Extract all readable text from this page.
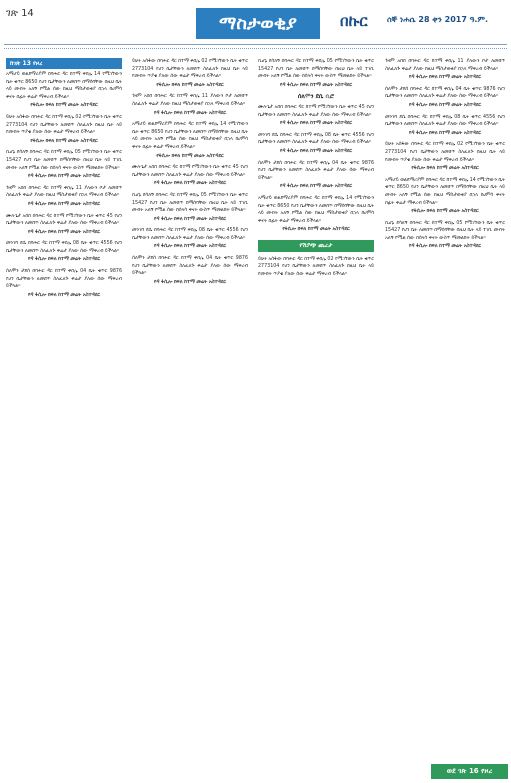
ገጽ 14	ማስታወቂያ	በኩር ሰኞ ነሐሴ 28 ቀን 2017 ዓ.ም.
ከገጽ 13 የዞረ

አማሆይ ወልደማሪያም በባሕር ዳር ከተማ ቀበሌ 14 የሚገኘውን ቤት ቁጥር 8650 የሆነ ቤታቸውን ለመሸጥ በማሰባቸው በዚህ ቤት ላይ መብት አለኝ የሚል ሰው ከዚህ ማስታወቂያ በኋላ ከሀምሳ ቀናት በፊት ቅሬታ ማቅረብ ይችላል።

የፋሲሎ ክፍለ ከተማ መሬት አስተዳደር

ይሁኑ አሰፋው በባሕር ዳር ከተማ ቀበሌ 02 የሚገኘውን ቤት ቁጥር 2773104 የሆነ ቤታቸውን ለመሸጥ ስለፈለጉ በዚህ ቤት ላይ የመብት ጥያቄ ያለው ሰው ቅሬታ ማቅረብ ይችላል።

የፋሲሎ ክፍለ ከተማ መሬት አስተዳደር

ቢሆኔ ደሳለኝ በባሕር ዳር ከተማ ቀበሌ 05 የሚገኘውን ቤት ቁጥር 15427 የሆነ ቤት ለመሸጥ በማሰባቸው በዚህ ቤት ላይ ተገቢ መብት አለኝ የሚል ሰው በሰላሳ ቀናት ውስጥ ማመልከት ይችላል።

የዳ ፋሲሎ ክፍለ ከተማ መሬት አስተዳደር

ጎዛም አበበ በባሕር ዳር ከተማ ቀበሌ 11 ያለውን ቦታ ለመሸጥ ስለፈለጉ ቅሬታ ያለው ከዚህ ማስታወቂያ በኋላ ማቅረብ ይችላል።

የዳ ፋሲሎ ክፍለ ከተማ መሬት አስተዳደር

ሙሉጌታ አበበ በባሕር ዳር ከተማ የሚገኘውን ቤት ቁጥር 45 የሆነ ቤታቸውን ለመሸጥ ስለፈለጉ ቅሬታ ያለው ሰው ማቅረብ ይችላል።

የዳ ፋሲሎ ክፍለ ከተማ መሬት አስተዳደር

መንገሻ ደሴ በባሕር ዳር ከተማ ቀበሌ 08 ቤት ቁጥር 4556 የሆነ ቤታቸውን ለመሸጥ ስለፈለጉ ቅሬታ ያለው ሰው ማቅረብ ይችላል።

የዳ ፋሲሎ ክፍለ ከተማ መሬት አስተዳደር

ሰለሞን ታደሰ በባሕር ዳር ከተማ ቀበሌ 04 ቤት ቁጥር 9876 የሆነ ቤታቸውን ለመሸጥ ስለፈለጉ ቅሬታ ያለው ሰው ማቅረብ ይችላል።

የዳ ፋሲሎ ክፍለ ከተማ መሬት አስተዳደር

ይሁኑ አሰፋው በባሕር ዳር ከተማ ቀበሌ 02 የሚገኘውን ቤት ቁጥር 2773104 የሆነ ቤታቸውን ለመሸጥ ስለፈለጉ በዚህ ቤት ላይ የመብት ጥያቄ ያለው ሰው ቅሬታ ማቅረብ ይችላል።

የፋሲሎ ክፍለ ከተማ መሬት አስተዳደር

ጎዛም አበበ በባሕር ዳር ከተማ ቀበሌ 11 ያለውን ቦታ ለመሸጥ ስለፈለጉ ቅሬታ ያለው ከዚህ ማስታወቂያ በኋላ ማቅረብ ይችላል።

የዳ ፋሲሎ ክፍለ ከተማ መሬት አስተዳደር

አማሆይ ወልደማሪያም በባሕር ዳር ከተማ ቀበሌ 14 የሚገኘውን ቤት ቁጥር 8650 የሆነ ቤታቸውን ለመሸጥ በማሰባቸው በዚህ ቤት ላይ መብት አለኝ የሚል ሰው ከዚህ ማስታወቂያ በኋላ ከሀምሳ ቀናት በፊት ቅሬታ ማቅረብ ይችላል።

የፋሲሎ ክፍለ ከተማ መሬት አስተዳደር

ሙሉጌታ አበበ በባሕር ዳር ከተማ የሚገኘውን ቤት ቁጥር 45 የሆነ ቤታቸውን ለመሸጥ ስለፈለጉ ቅሬታ ያለው ሰው ማቅረብ ይችላል።

የዳ ፋሲሎ ክፍለ ከተማ መሬት አስተዳደር

ቢሆኔ ደሳለኝ በባሕር ዳር ከተማ ቀበሌ 05 የሚገኘውን ቤት ቁጥር 15427 የሆነ ቤት ለመሸጥ በማሰባቸው በዚህ ቤት ላይ ተገቢ መብት አለኝ የሚል ሰው በሰላሳ ቀናት ውስጥ ማመልከት ይችላል።

የዳ ፋሲሎ ክፍለ ከተማ መሬት አስተዳደር

መንገሻ ደሴ በባሕር ዳር ከተማ ቀበሌ 08 ቤት ቁጥር 4556 የሆነ ቤታቸውን ለመሸጥ ስለፈለጉ ቅሬታ ያለው ሰው ማቅረብ ይችላል።

የዳ ፋሲሎ ክፍለ ከተማ መሬት አስተዳደር

ሰለሞን ታደሰ በባሕር ዳር ከተማ ቀበሌ 04 ቤት ቁጥር 9876 የሆነ ቤታቸውን ለመሸጥ ስለፈለጉ ቅሬታ ያለው ሰው ማቅረብ ይችላል።

የዳ ፋሲሎ ክፍለ ከተማ መሬት አስተዳደር

ቢሆኔ ደሳለኝ በባሕር ዳር ከተማ ቀበሌ 05 የሚገኘውን ቤት ቁጥር 15427 የሆነ ቤት ለመሸጥ በማሰባቸው በዚህ ቤት ላይ ተገቢ መብት አለኝ የሚል ሰው በሰላሳ ቀናት ውስጥ ማመልከት ይችላል።

የዳ ፋሲሎ ክፍለ ከተማ መሬት አስተዳደር
ሰለሞን ደሴ ቢሮ

ሙሉጌታ አበበ በባሕር ዳር ከተማ የሚገኘውን ቤት ቁጥር 45 የሆነ ቤታቸውን ለመሸጥ ስለፈለጉ ቅሬታ ያለው ሰው ማቅረብ ይችላል።

የዳ ፋሲሎ ክፍለ ከተማ መሬት አስተዳደር

መንገሻ ደሴ በባሕር ዳር ከተማ ቀበሌ 08 ቤት ቁጥር 4556 የሆነ ቤታቸውን ለመሸጥ ስለፈለጉ ቅሬታ ያለው ሰው ማቅረብ ይችላል።

የዳ ፋሲሎ ክፍለ ከተማ መሬት አስተዳደር

ሰለሞን ታደሰ በባሕር ዳር ከተማ ቀበሌ 04 ቤት ቁጥር 9876 የሆነ ቤታቸውን ለመሸጥ ስለፈለጉ ቅሬታ ያለው ሰው ማቅረብ ይችላል።

የዳ ፋሲሎ ክፍለ ከተማ መሬት አስተዳደር

አማሆይ ወልደማሪያም በባሕር ዳር ከተማ ቀበሌ 14 የሚገኘውን ቤት ቁጥር 8650 የሆነ ቤታቸውን ለመሸጥ በማሰባቸው በዚህ ቤት ላይ መብት አለኝ የሚል ሰው ከዚህ ማስታወቂያ በኋላ ከሀምሳ ቀናት በፊት ቅሬታ ማቅረብ ይችላል።

የፋሲሎ ክፍለ ከተማ መሬት አስተዳደር
የሽያጭ ጨረታ

ይሁኑ አሰፋው በባሕር ዳር ከተማ ቀበሌ 02 የሚገኘውን ቤት ቁጥር 2773104 የሆነ ቤታቸውን ለመሸጥ ስለፈለጉ በዚህ ቤት ላይ የመብት ጥያቄ ያለው ሰው ቅሬታ ማቅረብ ይችላል።

ጎዛም አበበ በባሕር ዳር ከተማ ቀበሌ 11 ያለውን ቦታ ለመሸጥ ስለፈለጉ ቅሬታ ያለው ከዚህ ማስታወቂያ በኋላ ማቅረብ ይችላል።

የዳ ፋሲሎ ክፍለ ከተማ መሬት አስተዳደር

ሰለሞን ታደሰ በባሕር ዳር ከተማ ቀበሌ 04 ቤት ቁጥር 9876 የሆነ ቤታቸውን ለመሸጥ ስለፈለጉ ቅሬታ ያለው ሰው ማቅረብ ይችላል።

የዳ ፋሲሎ ክፍለ ከተማ መሬት አስተዳደር

መንገሻ ደሴ በባሕር ዳር ከተማ ቀበሌ 08 ቤት ቁጥር 4556 የሆነ ቤታቸውን ለመሸጥ ስለፈለጉ ቅሬታ ያለው ሰው ማቅረብ ይችላል።

የዳ ፋሲሎ ክፍለ ከተማ መሬት አስተዳደር

ይሁኑ አሰፋው በባሕር ዳር ከተማ ቀበሌ 02 የሚገኘውን ቤት ቁጥር 2773104 የሆነ ቤታቸውን ለመሸጥ ስለፈለጉ በዚህ ቤት ላይ የመብት ጥያቄ ያለው ሰው ቅሬታ ማቅረብ ይችላል።

የፋሲሎ ክፍለ ከተማ መሬት አስተዳደር

አማሆይ ወልደማሪያም በባሕር ዳር ከተማ ቀበሌ 14 የሚገኘውን ቤት ቁጥር 8650 የሆነ ቤታቸውን ለመሸጥ በማሰባቸው በዚህ ቤት ላይ መብት አለኝ የሚል ሰው ከዚህ ማስታወቂያ በኋላ ከሀምሳ ቀናት በፊት ቅሬታ ማቅረብ ይችላል።

የፋሲሎ ክፍለ ከተማ መሬት አስተዳደር

ቢሆኔ ደሳለኝ በባሕር ዳር ከተማ ቀበሌ 05 የሚገኘውን ቤት ቁጥር 15427 የሆነ ቤት ለመሸጥ በማሰባቸው በዚህ ቤት ላይ ተገቢ መብት አለኝ የሚል ሰው በሰላሳ ቀናት ውስጥ ማመልከት ይችላል።

የዳ ፋሲሎ ክፍለ ከተማ መሬት አስተዳደር
ወደ ገጽ 16 የዞረ
